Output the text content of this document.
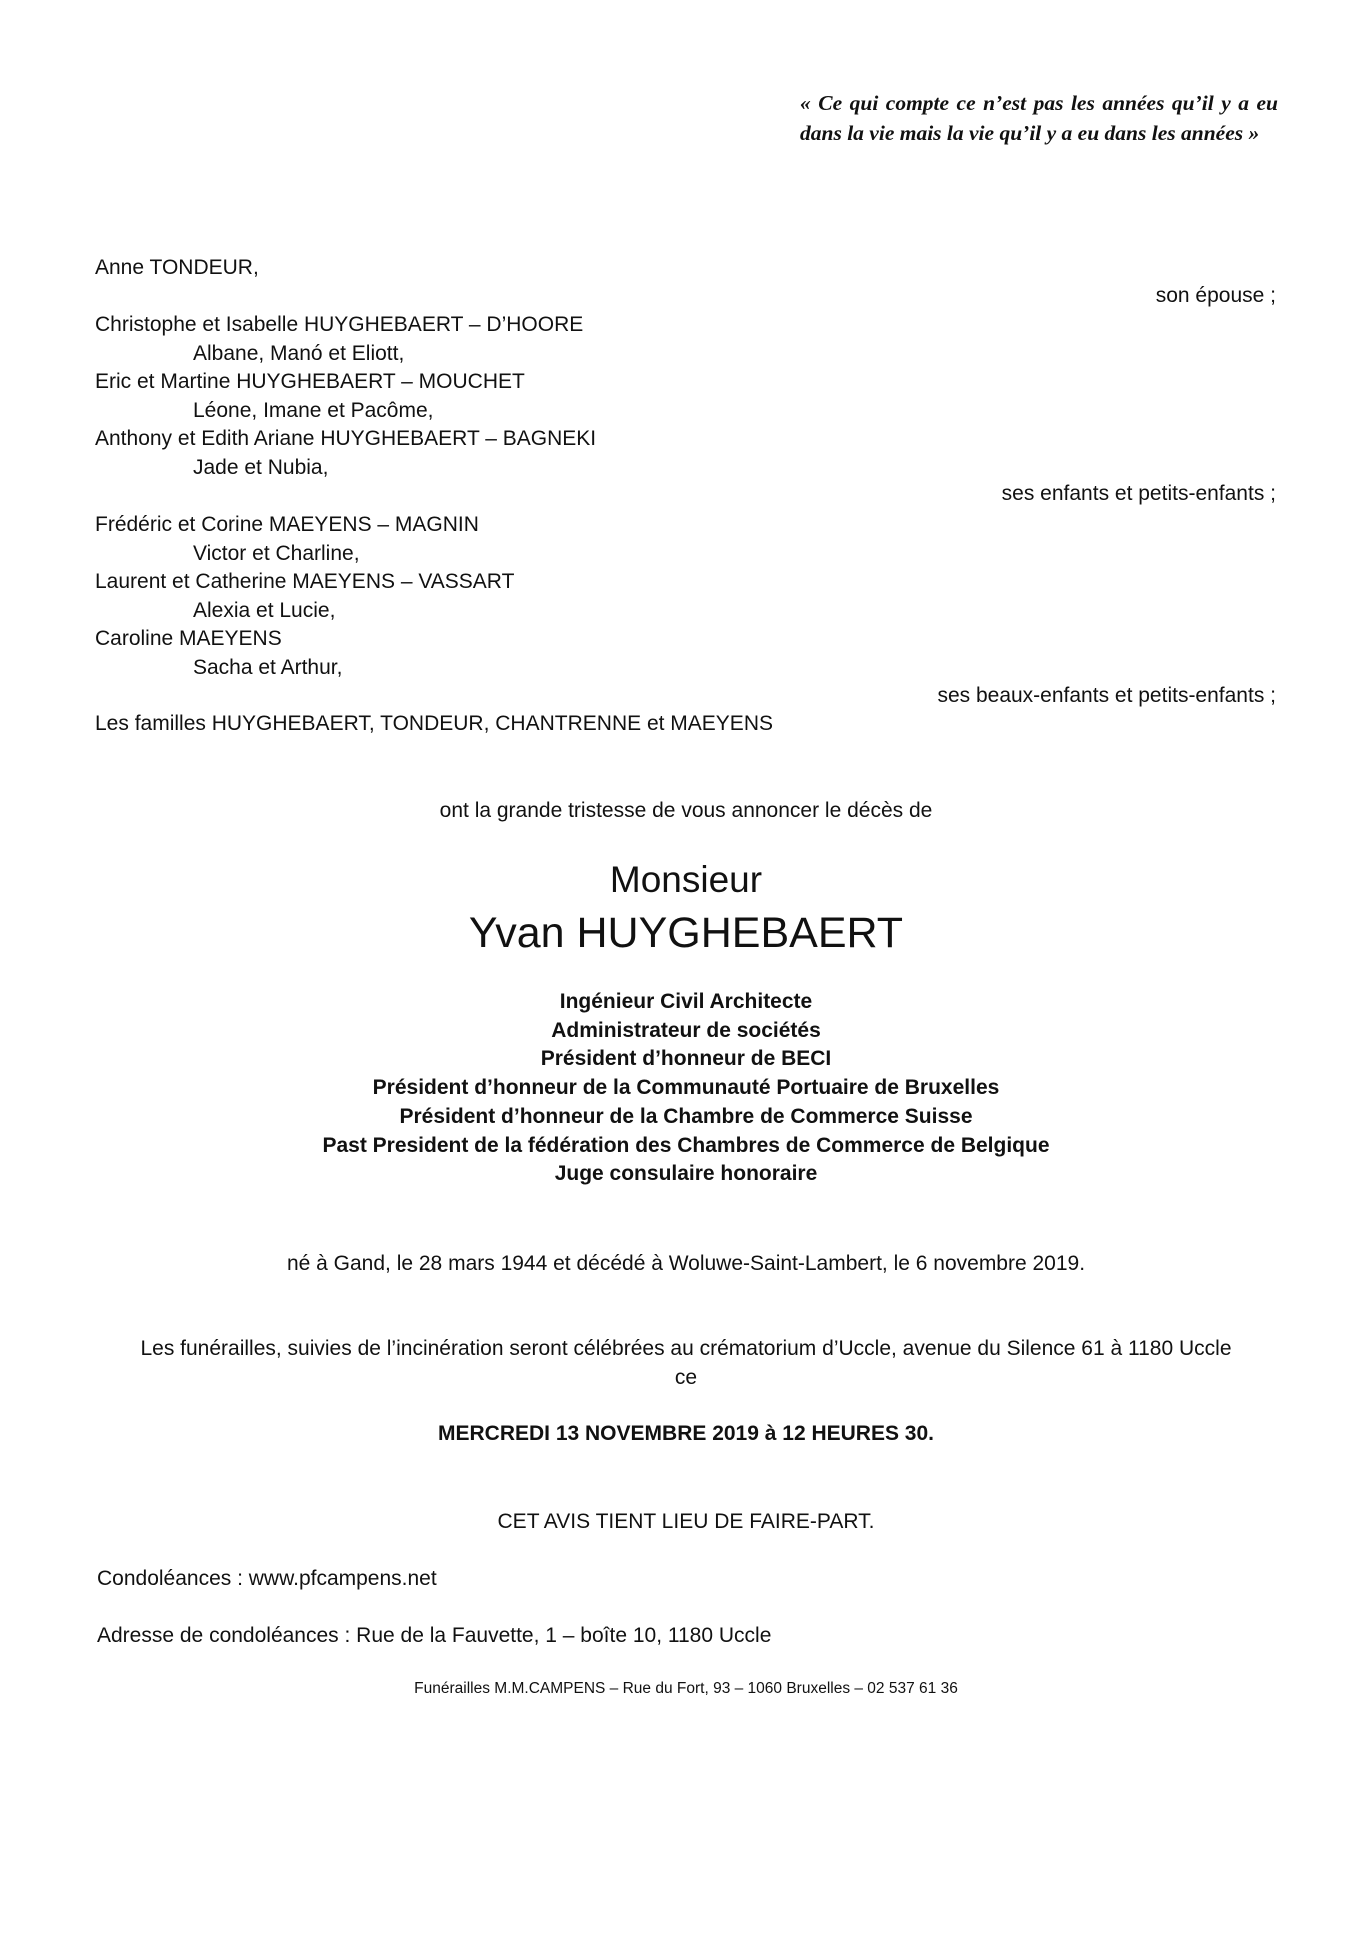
« Ce qui compte ce n’est pas les années qu’il y a eu dans la vie mais la vie qu’il y a eu dans les années »
Anne TONDEUR,
son épouse ;
Christophe et Isabelle HUYGHEBAERT – D’HOORE
Albane, Manó et Eliott,
Eric et Martine HUYGHEBAERT – MOUCHET
Léone, Imane et Pacôme,
Anthony et Edith Ariane HUYGHEBAERT – BAGNEKI
Jade et Nubia,
ses enfants et petits-enfants ;
Frédéric et Corine MAEYENS – MAGNIN
Victor et Charline,
Laurent et Catherine MAEYENS – VASSART
Alexia et Lucie,
Caroline MAEYENS
Sacha et Arthur,
ses beaux-enfants et petits-enfants ;
Les familles HUYGHEBAERT, TONDEUR, CHANTRENNE et MAEYENS
ont la grande tristesse de vous annoncer le décès de
Monsieur
Yvan HUYGHEBAERT
Ingénieur Civil Architecte
Administrateur de sociétés
Président d’honneur de BECI
Président d’honneur de la Communauté Portuaire de Bruxelles
Président d’honneur de la Chambre de Commerce Suisse
Past President de la fédération des Chambres de Commerce de Belgique
Juge consulaire honoraire
né à Gand, le 28 mars 1944 et décédé à Woluwe-Saint-Lambert, le 6 novembre 2019.
Les funérailles, suivies de l’incinération seront célébrées au crématorium d’Uccle, avenue du Silence 61 à 1180 Uccle
ce
MERCREDI 13 NOVEMBRE 2019 à 12 HEURES 30.
CET AVIS TIENT LIEU DE FAIRE-PART.
Condoléances : www.pfcampens.net
Adresse de condoléances : Rue de la Fauvette, 1 – boîte 10, 1180 Uccle
Funérailles M.M.CAMPENS – Rue du Fort, 93 – 1060 Bruxelles – 02 537 61 36
